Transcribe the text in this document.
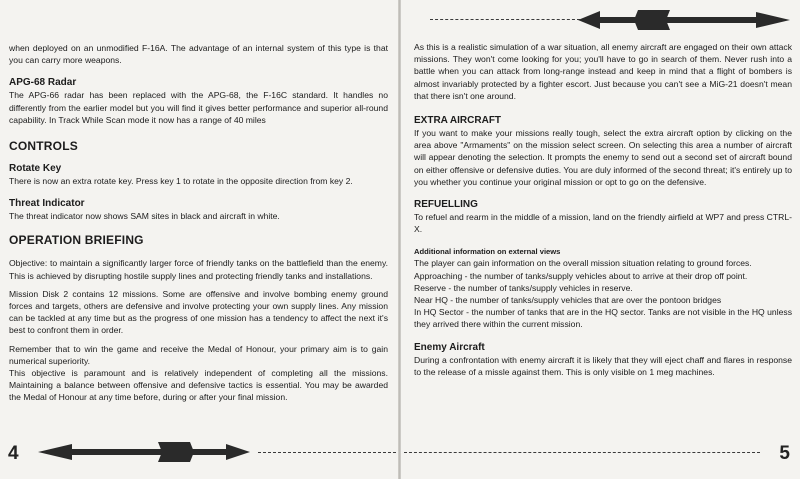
when deployed on an unmodified F-16A. The advantage of an internal system of this type is that you can carry more weapons.

APG-68 Radar

The APG-66 radar has been replaced with the APG-68, the F-16C standard. It handles no differently from the earlier model but you will find it gives better performance and superior all-round capability. In Track While Scan mode it now has a range of 40 miles

CONTROLS
Rotate Key

There is now an extra rotate key. Press key 1 to rotate in the opposite direction from key 2.

Threat Indicator

The threat indicator now shows SAM sites in black and aircraft in white.

OPERATION BRIEFING

Objective: to maintain a significantly larger force of friendly tanks on the battlefield than the enemy. This is achieved by disrupting hostile supply lines and protecting friendly tanks and installations.

Mission Disk 2 contains 12 missions. Some are offensive and involve bombing enemy ground forces and targets, others are defensive and involve protecting your own supply lines. Any mission can be tackled at any time but as the progress of one mission has a tendency to affect the next it's best to confront them in order.

Remember that to win the game and receive the Medal of Honour, your primary aim is to gain numerical superiority.

This objective is paramount and is relatively independent of completing all the missions. Maintaining a balance between offensive and defensive tactics is essential. You may be awarded the Medal of Honour at any time before, during or after your final mission.

4

As this is a realistic simulation of a war situation, all enemy aircraft are engaged on their own attack missions. They won't come looking for you; you'll have to go in search of them. Never rush into a battle when you can attack from long-range instead and keep in mind that a flight of bombers is almost invariably protected by a fighter escort. Just because you can't see a MiG-21 doesn't mean that there isn't one around.

EXTRA AIRCRAFT

If you want to make your missions really tough, select the extra aircraft option by clicking on the area above "Armaments" on the mission select screen. On selecting this area a number of aircraft will appear denoting the selection. It prompts the enemy to send out a second set of aircraft bound on either offensive or defensive duties. You are duly informed of the second threat; it's entirely up to you whether you continue your original mission or opt to go on the defensive.

REFUELLING

To refuel and rearm in the middle of a mission, land on the friendly airfield at WP7 and press CTRL-X.

Additional information on external views

The player can gain information on the overall mission situation relating to ground forces.

Approaching - the number of tanks/supply vehicles about to arrive at their drop off point.

Reserve - the number of tanks/supply vehicles in reserve.

Near HQ - the number of tanks/supply vehicles that are over the pontoon bridges

In HQ Sector - the number of tanks that are in the HQ sector. Tanks are not visible in the HQ unless they arrived there within the current mission.

Enemy Aircraft

During a confrontation with enemy aircraft it is likely that they will eject chaff and flares in response to the release of a missle against them. This is only visible on 1 meg machines.

5
